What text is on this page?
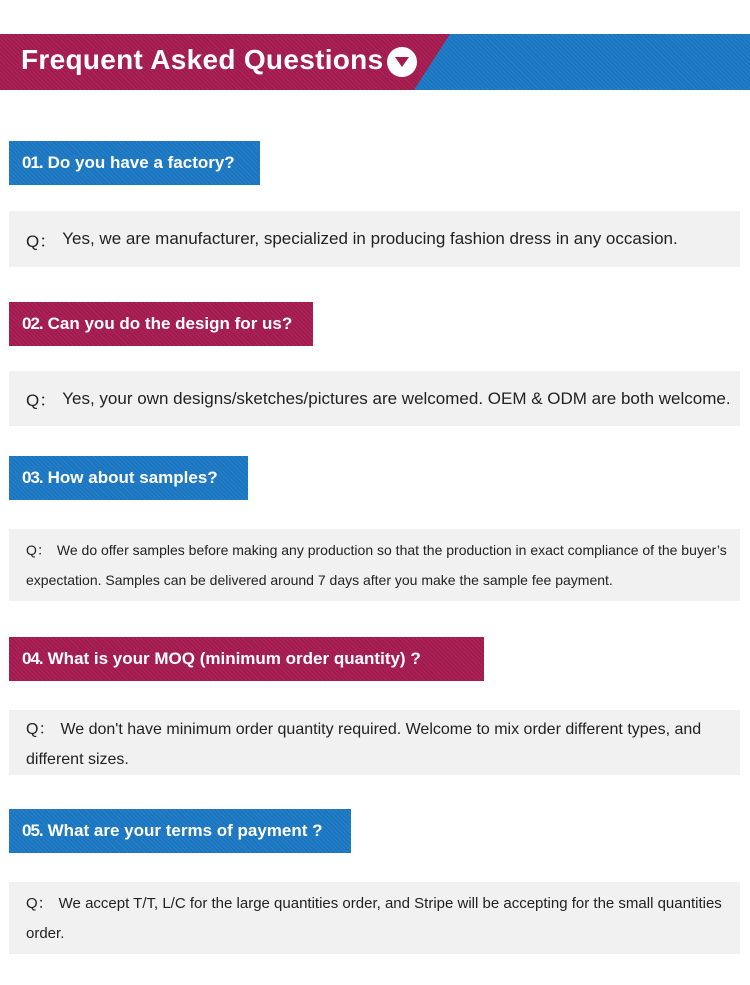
Frequent Asked Questions
01. Do you have a factory?
Q： Yes, we are manufacturer, specialized in producing fashion dress in any occasion.
02. Can you do the design for us?
Q： Yes, your own designs/sketches/pictures are welcomed. OEM & ODM are both welcome.
03. How about samples?
Q： We do offer samples before making any production so that the production in exact compliance of the buyer’s expectation. Samples can be delivered around 7 days after you make the sample fee payment.
04. What is your MOQ (minimum order quantity) ?
Q： We don't have minimum order quantity required. Welcome to mix order different types, and different sizes.
05. What are your terms of payment ?
Q： We accept T/T, L/C for the large quantities order, and Stripe will be accepting for the small quantities order.
